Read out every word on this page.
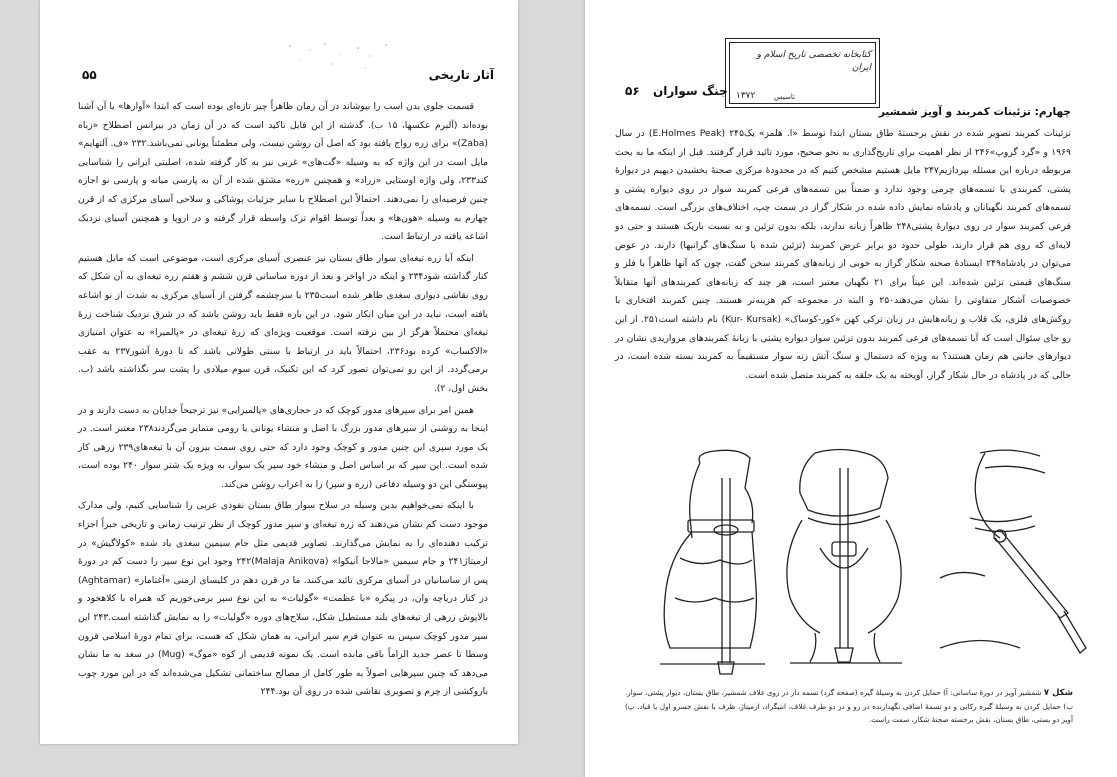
آثار تاریخی
۵۵

قسمت جلوی بدن اسب را بپوشاند در آن زمان ظاهراً چیز تازه‌ای بوده است که ابتدا «آوارها» با آن آشنا بوده‌اند (آلبرم عکسها، ۱۵ ب). گذشته از این قابل تاکید است که در آن زمان در بیزانس اصطلاح «زباه (Zaba)» برای زره رواج یافته بود که اصل آن روشن نیست، ولی مطمئناً یونانی نمی‌باشد.۲۳۲ «ف. آلتهایم» مایل است در این واژه که به وسیله «گت‌های» غربی نیز به کار گرفته شده، اصلیتی ایرانی را شناسایی کند۲۳۳، ولی واژه اوستایی «زراد» و همچنین «زره» مشتق شده از آن به پارسی میانه و پارسی نو اجازه چنین فرضیه‌ای را نمی‌دهند. احتمالاً این اصطلاح با سایر جزئیات پوشاکی و سلاحی آسیای مرکزی که از قرن چهارم به وسیله «هون‌ها» و بعداً توسط اقوام ترک واسطه قرار گرفته و در اروپا و همچنین آسیای نزدیک اشاعه یافته در ارتباط است.

اینکه آیا زره تیغه‌ای سوار طاق بستان نیز عنصری آسیای مرکزی است، موضوعی است که مایل هستیم کنار گذاشته شود۲۳۴ و اینکه در اواخر و بعد از دوره ساسانی قرن ششم و هفتم زره تیغه‌ای به آن شکل که روی نقاشی دیواری سغدی ظاهر شده است۲۳۵ با سرچشمه گرفتن از آسیای مرکزی به شدت از نو اشاعه یافته است، نباید در این میان انکار شود. در این باره فقط باید روشن باشد که در شرق نزدیک شناخت زرهٔ تیغه‌ای محتملاً هرگز از بین نرفته است. موقعیت ویژه‌ای که زرهٔ تیغه‌ای در «پالمیرا» به عنوان امتیازی «الاکساب» کرده بود۲۳۶، احتمالاً باید در ارتباط با سنتی طولانی باشد که تا دورهٔ آشور۲۳۷ به عقب برمی‌گردد. از این رو نمی‌توان تصور کرد که این تکنیک، قرن سوم میلادی را پشت سر نگذاشته باشد (ب. بخش اول، ۲).

همین امر برای سپرهای مدور کوچک که در حجاری‌های «پالمیرایی» نیز ترجیحاً خدایان به دست دارند و در اینجا به روشنی از سپرهای مدور بزرگ با اصل و منشاء یونانی یا رومی متمایز می‌گردند۲۳۸ معتبر است. در یک مورد سپری این چنین مدور و کوچک وجود دارد که حتی روی سمت بیرون آن با تیغه‌های۲۳۹ زرهی کار شده است. این سپر که بر اساس اصل و منشاء خود سپر یک سوار، به ویژه یک شتر سوار ۲۴۰ بوده است، پیوستگی این دو وسیله دفاعی (زره و سپر) را به اعراب روشن می‌کند.

با اینکه نمی‌خواهیم بدین وسیله در سلاح سوار طاق بستان نفوذی عربی را شناسایی کنیم، ولی مدارک موجود دست کم نشان می‌دهند که زره تیغه‌ای و سپر مدور کوچک از نظر ترتیب زمانی و تاریخی جبراً اجزاء ترکیب دهنده‌ای را به نمایش می‌گذارند. تصاویر قدیمی مثل جام سیمین سغدی یاد شده «کولاگیش» در ارمیتاژ۲۴۱ و جام سیمین «مالاجا آنیکوا» (Malaja Anikova)۲۴۲ وجود این نوع سپر را دست کم در دورهٔ پس از ساسانیان در آسیای مرکزی تائید می‌کنند. ما در قرن دهم در کلیسای ارمنی «آغتامار» (Aghtamar) در کنار دریاچه وان، در پیکره «با عظمت» «گولیات» به این نوع سپر برمی‌خوریم که همراه با کلاهخود و بالاپوش زرهی از تیغه‌های بلند مستطیل شکل، سلاح‌های دوره «گولیات» را به نمایش گذاشته است.۲۴۳ این سپر مدور کوچک سپس به عنوان فرم سپر ایرانی، به همان شکل که هست، برای تمام دورهٔ اسلامی قرون وسطا تا عصر جدید الزاماً باقی مانده است. یک نمونه قدیمی از کوه «موگ» (Mug) در سغد به ما نشان می‌دهد که چنین سپرهایی اصولاً به طور کامل از مصالح ساختمانی تشکیل می‌شده‌اند که در این مورد چوب باروکشی از چرم و تصویری نقاشی شده در روی آن بود.۲۴۴

کتابخانه تخصصی تاریخ اسلام و ایران
تاسیس
۱۳۷۲
جنگ سواران
۵۶
چهارم: تزئینات کمربند و آویز شمشیر

تزئینات کمربند تصویر شده در نقش برجستهٔ طاق بستان ابتدا توسط «ا. هلمز» یک۲۴۵ (E.Holmes Peak) در سال ۱۹۶۹ و «گرد گروپ»۲۴۶ از نظر اهمیت برای تاریخ‌گذاری به نحو صحیح، مورد تائید قرار گرفتند. قبل از اینکه ما به بحث مربوطه درباره این مسئله بپردازیم۲۴۷ مایل هستیم مشخص کنیم که در محدودهٔ مرکزی صحنهٔ بخشیدن دیهیم در دیوارهٔ پشتی، کمربندی با تسمه‌های چرمی وجود ندارد و ضمناً بین تسمه‌های فرعی کمربند سوار در روی دیواره پشتی و تسمه‌های کمربند نگهبانان و پادشاه نمایش داده شده در شکار گراز در سمت چپ، اختلاف‌های بزرگی است. تسمه‌های فرعی کمربند سوار در روی دیوارهٔ پشتی۲۴۸ ظاهراً زبانه ندارند، بلکه بدون تزئین و به نسبت باریک هستند و حتی دو لایه‌ای که روی هم قرار دارند، طولی حدود دو برابر عرض کمربند (تزئین شده با سنگ‌های گرانبها) دارند. در عوض می‌توان در پادشاه۲۴۹ ایستادهٔ صحنه شکار گراز به خوبی از زبانه‌های کمربند سخن گفت، چون که آنها ظاهراً با فلز و سنگ‌های قیمتی تزئین شده‌اند. این عیناً برای ۲۱ نگهبان معتبر است، هر چند که زبانه‌های کمربندهای آنها متقابلاً خصوصیات آشکار متفاوتی را نشان می‌دهند۲۵۰ و البته در مجموعه کم هزینه‌تر هستند. چنین کمربند افتخاری با روکش‌های فلزی، یک قلاب و زبانه‌هایش در زبان ترکی کهن «کور-کوساک» (Kur- Kursak) نام داشته است۲۵۱. از این رو جای سئوال است که آیا تسمه‌های فرعی کمربند بدون تزئین سوار دیواره پشتی با زبانهٔ کمربندهای مرواریدی نشان در دیوارهای جانبی هم زمان هستند؟ به ویژه که دستمال و سنگ آتش زنه سوار مستقیماً به کمربند بسته شده است، در حالی که در پادشاه در حال شکار گراز، آویخته به یک حلقه به کمربند متصل شده است.

شکل ۷ شمشیر آویز در دورهٔ ساسانی: آ) حمایل کردن به وسیلهٔ گیره (صفحه گرد) تسمه دار در روی غلاف شمشیر، طاق بستان، دیوار پشتی، سوار. ب) حمایل کردن به وسیلهٔ گیره رکابی و دو تسمهٔ اضافی نگهدارنده در رو و در دو طرف غلاف، انتیگراد، ارمیتاژ، ظرف با نقش خسرو اول یا قباد. پ) آویز دو بستی، طاق بستان، نقش برجسته صحنهٔ شکار، سمت راست.
